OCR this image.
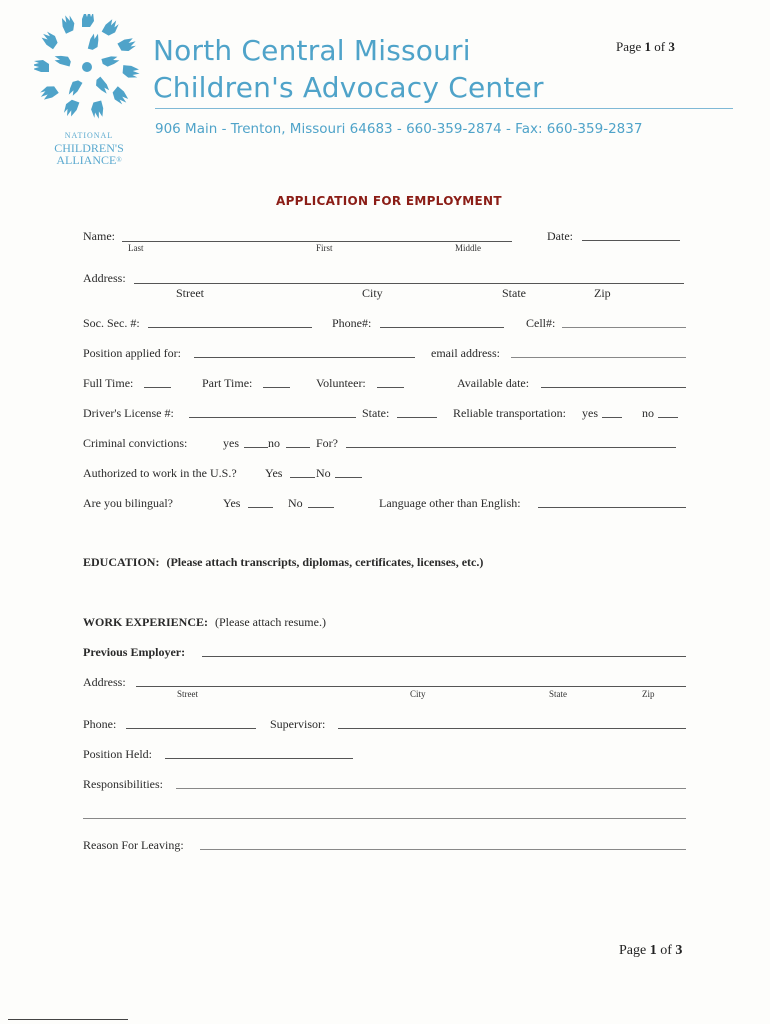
NATIONAL
CHILDREN'S
ALLIANCE®
North Central Missouri
Children's Advocacy Center
906 Main - Trenton, Missouri 64683 - 660-359-2874 - Fax: 660-359-2837
Page 1 of 3
APPLICATION FOR EMPLOYMENT
Name:
Last	First	Middle
Date:
Address:
Street	City	State	Zip
Soc. Sec. #:	Phone#:	Cell#:
Position applied for:	email address:
Full Time:	Part Time:	Volunteer:	Available date:
Driver's License #:	State:	Reliable transportation: yes	no
Criminal convictions:	yes no	For?
Authorized to work in the U.S.? Yes	No
Are you bilingual?	Yes	No	Language other than English:
EDUCATION: (Please attach transcripts, diplomas, certificates, licenses, etc.)
WORK EXPERIENCE: (Please attach resume.)
Previous Employer:
Address:
Street	City	State	Zip
Phone:	Supervisor:
Position Held:
Responsibilities:
Reason For Leaving:
Page 1 of 3
